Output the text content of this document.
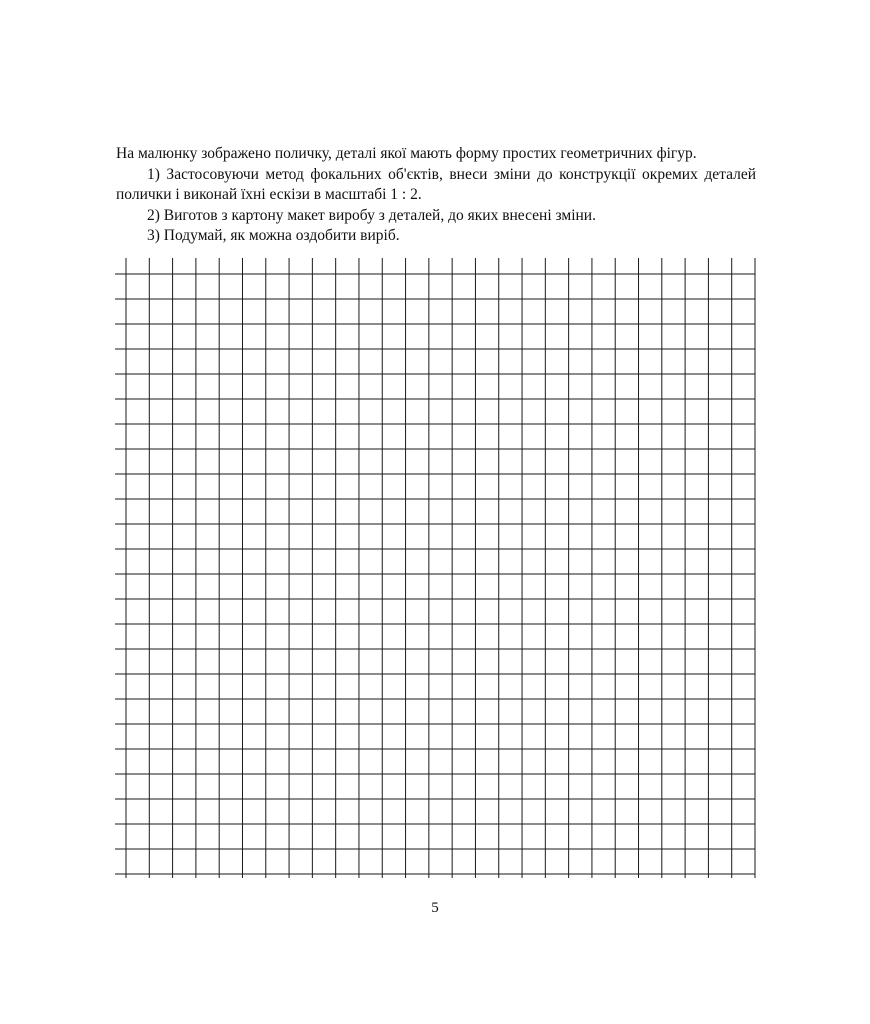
На малюнку зображено поличку, деталі якої мають форму простих геометричних фігур.

1) Застосовуючи метод фокальних об'єктів, внеси зміни до конструкції окремих деталей полички і виконай їхні ескізи в масштабі 1 : 2.

2) Виготов з картону макет виробу з деталей, до яких внесені зміни.

3) Подумай, як можна оздобити виріб.

5
